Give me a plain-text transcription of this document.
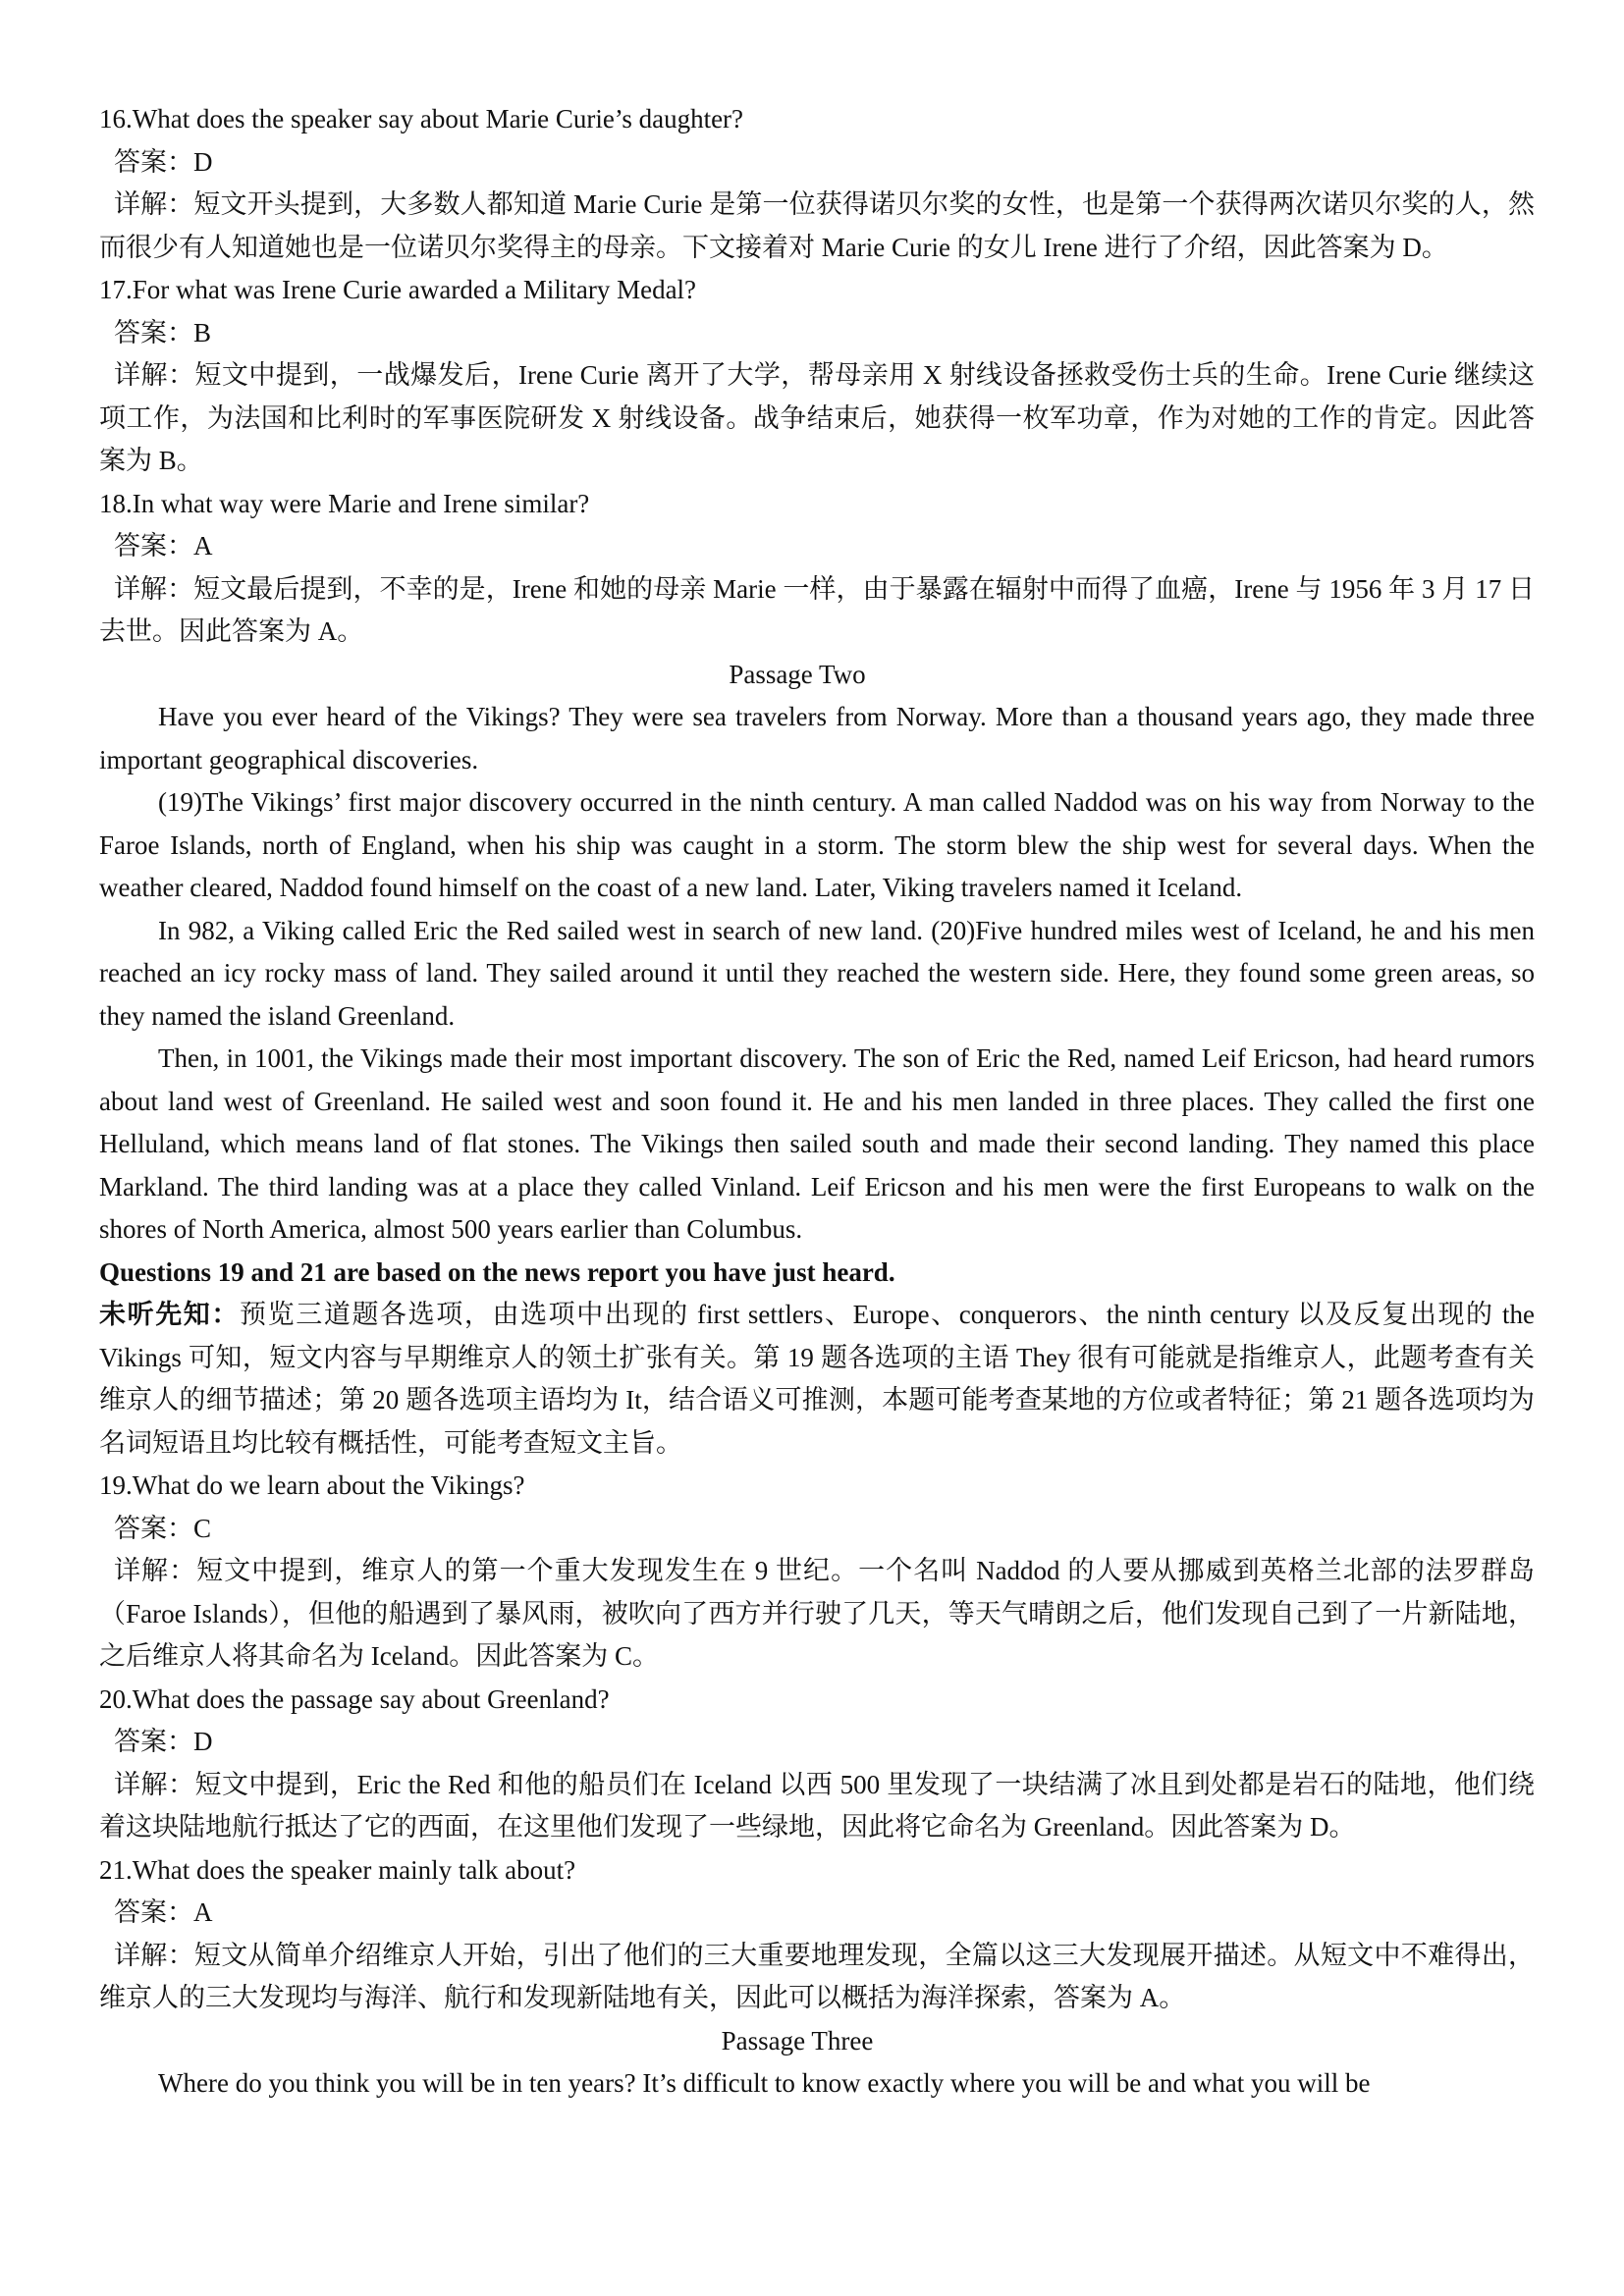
16.What does the speaker say about Marie Curie’s daughter?

答案：D

详解：短文开头提到，大多数人都知道 Marie Curie 是第一位获得诺贝尔奖的女性，也是第一个获得两次诺贝尔奖的人，然而很少有人知道她也是一位诺贝尔奖得主的母亲。下文接着对 Marie Curie 的女儿 Irene 进行了介绍，因此答案为 D。

17.For what was Irene Curie awarded a Military Medal?

答案：B

详解：短文中提到，一战爆发后，Irene Curie 离开了大学，帮母亲用 X 射线设备拯救受伤士兵的生命。Irene Curie 继续这项工作，为法国和比利时的军事医院研发 X 射线设备。战争结束后，她获得一枚军功章，作为对她的工作的肯定。因此答案为 B。

18.In what way were Marie and Irene similar?

答案：A

详解：短文最后提到，不幸的是，Irene 和她的母亲 Marie 一样，由于暴露在辐射中而得了血癌，Irene 与 1956 年 3 月 17 日去世。因此答案为 A。

Passage Two

Have you ever heard of the Vikings? They were sea travelers from Norway. More than a thousand years ago, they made three important geographical discoveries.

(19)The Vikings’ first major discovery occurred in the ninth century. A man called Naddod was on his way from Norway to the Faroe Islands, north of England, when his ship was caught in a storm. The storm blew the ship west for several days. When the weather cleared, Naddod found himself on the coast of a new land. Later, Viking travelers named it Iceland.

In 982, a Viking called Eric the Red sailed west in search of new land. (20)Five hundred miles west of Iceland, he and his men reached an icy rocky mass of land. They sailed around it until they reached the western side. Here, they found some green areas, so they named the island Greenland.

Then, in 1001, the Vikings made their most important discovery. The son of Eric the Red, named Leif Ericson, had heard rumors about land west of Greenland. He sailed west and soon found it. He and his men landed in three places. They called the first one Helluland, which means land of flat stones. The Vikings then sailed south and made their second landing. They named this place Markland. The third landing was at a place they called Vinland. Leif Ericson and his men were the first Europeans to walk on the shores of North America, almost 500 years earlier than Columbus.

Questions 19 and 21 are based on the news report you have just heard.

未听先知：预览三道题各选项，由选项中出现的 first settlers、Europe、conquerors、the ninth century 以及反复出现的 the Vikings 可知，短文内容与早期维京人的领土扩张有关。第 19 题各选项的主语 They 很有可能就是指维京人，此题考查有关维京人的细节描述；第 20 题各选项主语均为 It，结合语义可推测，本题可能考查某地的方位或者特征；第 21 题各选项均为名词短语且均比较有概括性，可能考查短文主旨。

19.What do we learn about the Vikings?

答案：C

详解：短文中提到，维京人的第一个重大发现发生在 9 世纪。一个名叫 Naddod 的人要从挪威到英格兰北部的法罗群岛（Faroe Islands），但他的船遇到了暴风雨，被吹向了西方并行驶了几天，等天气晴朗之后，他们发现自己到了一片新陆地，之后维京人将其命名为 Iceland。因此答案为 C。

20.What does the passage say about Greenland?

答案：D

详解：短文中提到，Eric the Red 和他的船员们在 Iceland 以西 500 里发现了一块结满了冰且到处都是岩石的陆地，他们绕着这块陆地航行抵达了它的西面，在这里他们发现了一些绿地，因此将它命名为 Greenland。因此答案为 D。

21.What does the speaker mainly talk about?

答案：A

详解：短文从简单介绍维京人开始，引出了他们的三大重要地理发现，全篇以这三大发现展开描述。从短文中不难得出，维京人的三大发现均与海洋、航行和发现新陆地有关，因此可以概括为海洋探索，答案为 A。

Passage Three

Where do you think you will be in ten years? It’s difficult to know exactly where you will be and what you will be
